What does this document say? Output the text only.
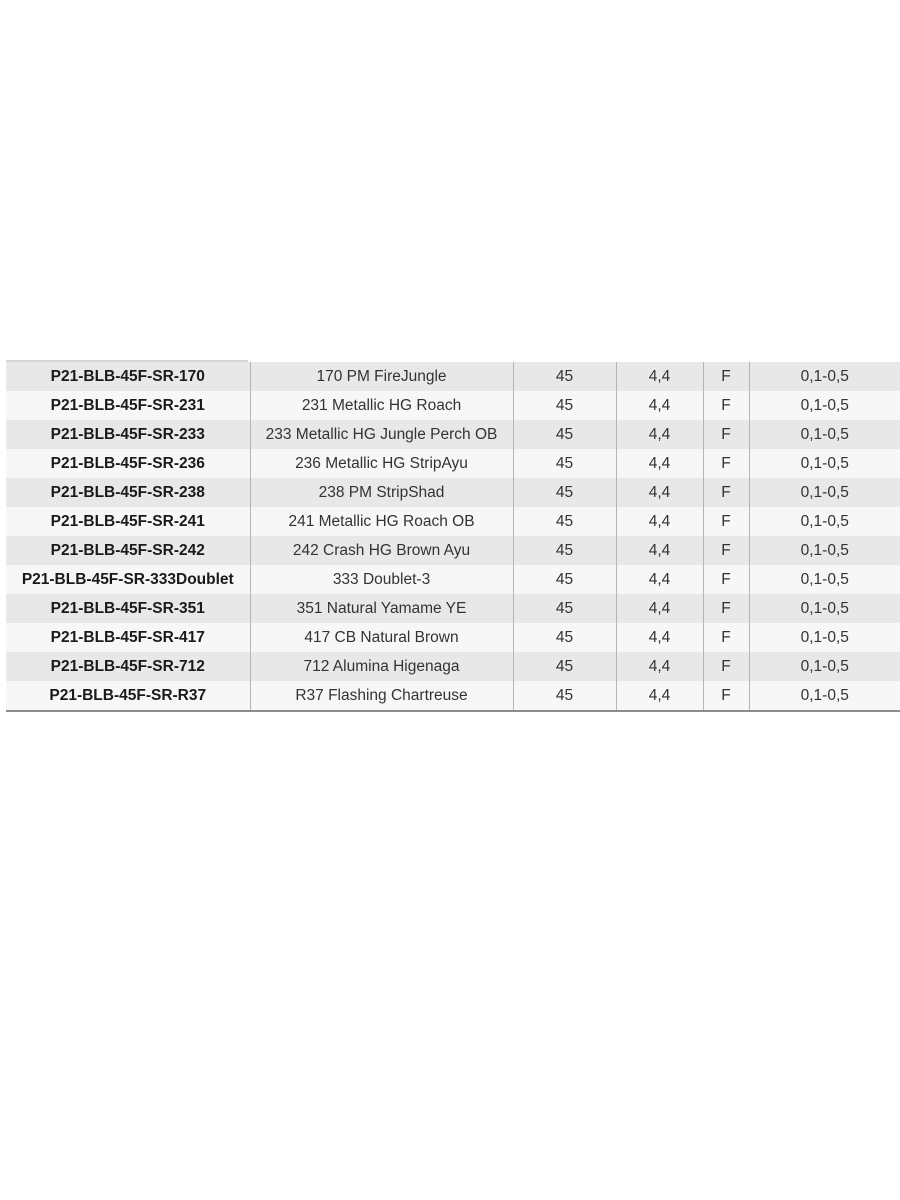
P21-BLB-45F-SR-170	170 PM FireJungle	45	4,4	F	0,1-0,5
P21-BLB-45F-SR-231	231 Metallic HG Roach	45	4,4	F	0,1-0,5
P21-BLB-45F-SR-233	233 Metallic HG Jungle Perch OB	45	4,4	F	0,1-0,5
P21-BLB-45F-SR-236	236 Metallic HG StripAyu	45	4,4	F	0,1-0,5
P21-BLB-45F-SR-238	238 PM StripShad	45	4,4	F	0,1-0,5
P21-BLB-45F-SR-241	241 Metallic HG Roach OB	45	4,4	F	0,1-0,5
P21-BLB-45F-SR-242	242 Crash HG Brown Ayu	45	4,4	F	0,1-0,5
P21-BLB-45F-SR-333Doublet	333 Doublet-3	45	4,4	F	0,1-0,5
P21-BLB-45F-SR-351	351 Natural Yamame YE	45	4,4	F	0,1-0,5
P21-BLB-45F-SR-417	417 CB Natural Brown	45	4,4	F	0,1-0,5
P21-BLB-45F-SR-712	712 Alumina Higenaga	45	4,4	F	0,1-0,5
P21-BLB-45F-SR-R37	R37 Flashing Chartreuse	45	4,4	F	0,1-0,5
